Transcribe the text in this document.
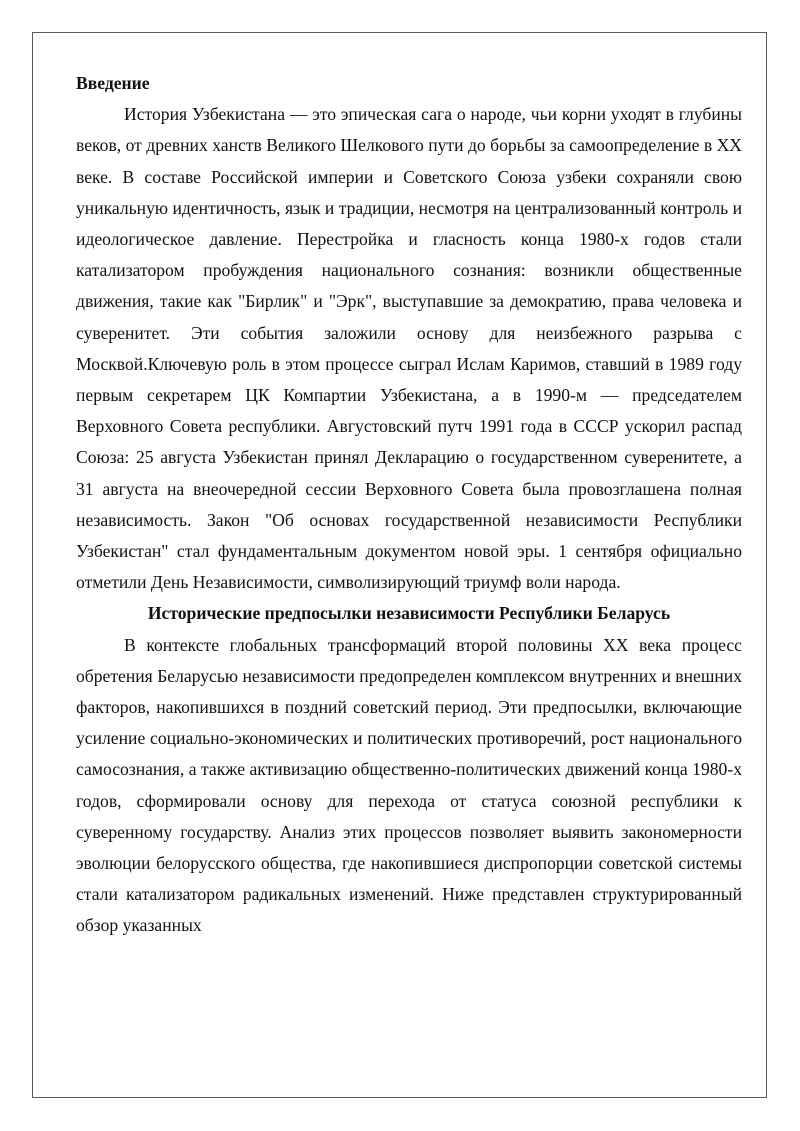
Введение

История Узбекистана — это эпическая сага о народе, чьи корни уходят в глубины веков, от древних ханств Великого Шелкового пути до борьбы за самоопределение в XX веке. В составе Российской империи и Советского Союза узбеки сохраняли свою уникальную идентичность, язык и традиции, несмотря на централизованный контроль и идеологическое давление. Перестройка и гласность конца 1980-х годов стали катализатором пробуждения национального сознания: возникли общественные движения, такие как "Бирлик" и "Эрк", выступавшие за демократию, права человека и суверенитет. Эти события заложили основу для неизбежного разрыва с Москвой.Ключевую роль в этом процессе сыграл Ислам Каримов, ставший в 1989 году первым секретарем ЦК Компартии Узбекистана, а в 1990-м — председателем Верховного Совета республики. Августовский путч 1991 года в СССР ускорил распад Союза: 25 августа Узбекистан принял Декларацию о государственном суверенитете, а 31 августа на внеочередной сессии Верховного Совета была провозглашена полная независимость. Закон "Об основах государственной независимости Республики Узбекистан" стал фундаментальным документом новой эры. 1 сентября официально отметили День Независимости, символизирующий триумф воли народа.

Исторические предпосылки независимости Республики Беларусь

В контексте глобальных трансформаций второй половины XX века процесс обретения Беларусью независимости предопределен комплексом внутренних и внешних факторов, накопившихся в поздний советский период. Эти предпосылки, включающие усиление социально-экономических и политических противоречий, рост национального самосознания, а также активизацию общественно-политических движений конца 1980-х годов, сформировали основу для перехода от статуса союзной республики к суверенному государству. Анализ этих процессов позволяет выявить закономерности эволюции белорусского общества, где накопившиеся диспропорции советской системы стали катализатором радикальных изменений. Ниже представлен структурированный обзор указанных
